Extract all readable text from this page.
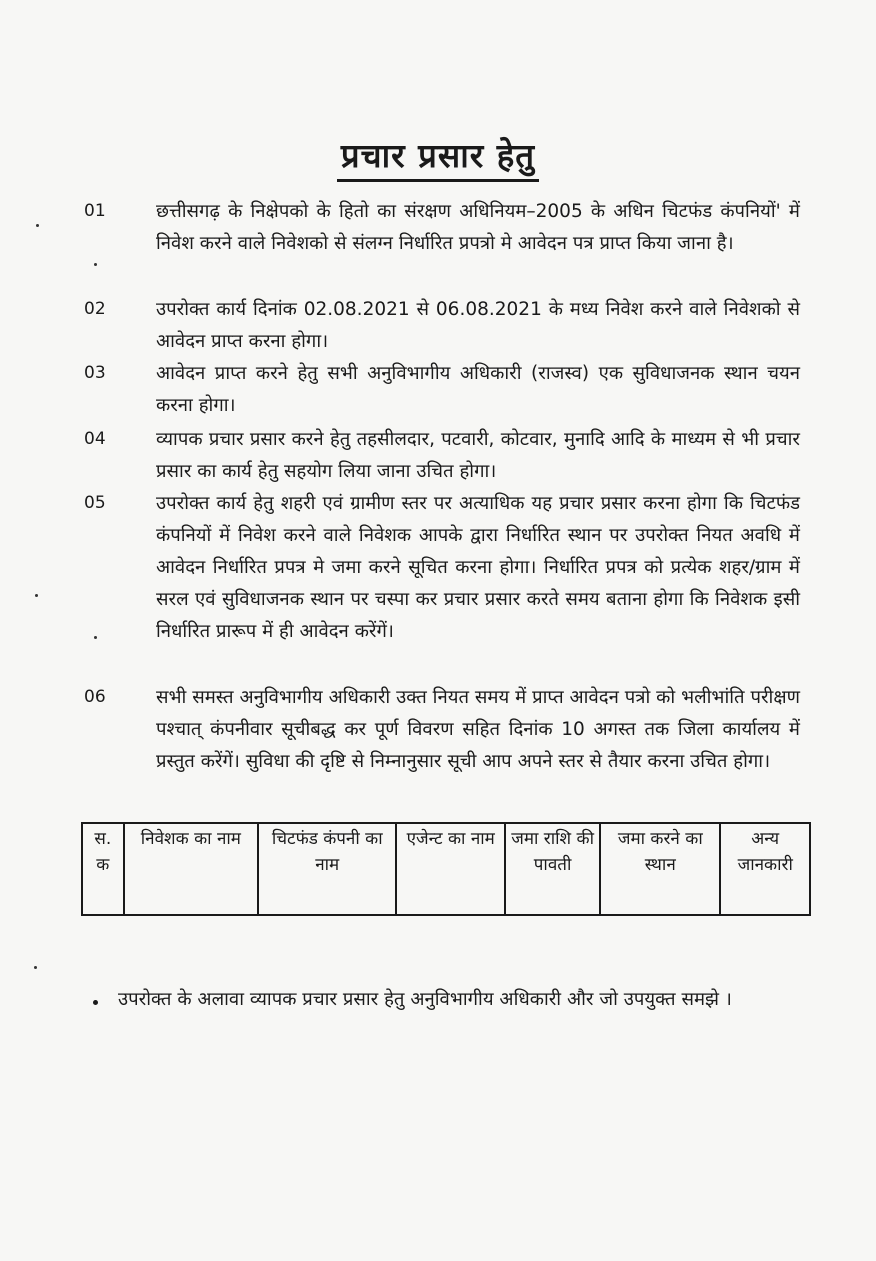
प्रचार प्रसार हेतु
01	छत्तीसगढ़ के निक्षेपको के हितो का संरक्षण अधिनियम–2005 के अधिन चिटफंड कंपनियों' में निवेश करने वाले निवेशको से संलग्न निर्धारित प्रपत्रो मे आवेदन पत्र प्राप्त किया जाना है।
02	उपरोक्त कार्य दिनांक 02.08.2021 से 06.08.2021 के मध्य निवेश करने वाले निवेशको से आवेदन प्राप्त करना होगा।
03	आवेदन प्राप्त करने हेतु सभी अनुविभागीय अधिकारी (राजस्व) एक सुविधाजनक स्थान चयन करना होगा।
04	व्यापक प्रचार प्रसार करने हेतु तहसीलदार, पटवारी, कोटवार, मुनादि आदि के माध्यम से भी प्रचार प्रसार का कार्य हेतु सहयोग लिया जाना उचित होगा।
05	उपरोक्त कार्य हेतु शहरी एवं ग्रामीण स्तर पर अत्याधिक यह प्रचार प्रसार करना होगा कि चिटफंड कंपनियों में निवेश करने वाले निवेशक आपके द्वारा निर्धारित स्थान पर उपरोक्त नियत अवधि में आवेदन निर्धारित प्रपत्र मे जमा करने सूचित करना होगा। निर्धारित प्रपत्र को प्रत्येक शहर/ग्राम में सरल एवं सुविधाजनक स्थान पर चस्पा कर प्रचार प्रसार करते समय बताना होगा कि निवेशक इसी निर्धारित प्रारूप में ही आवेदन करेंगें।
06	सभी समस्त अनुविभागीय अधिकारी उक्त नियत समय में प्राप्त आवेदन पत्रो को भलीभांति परीक्षण पश्चात् कंपनीवार सूचीबद्ध कर पूर्ण विवरण सहित दिनांक 10 अगस्त तक जिला कार्यालय में प्रस्तुत करेंगें। सुविधा की दृष्टि से निम्नानुसार सूची आप अपने स्तर से तैयार करना उचित होगा।
स. क	निवेशक का नाम	चिटफंड कंपनी का नाम	एजेन्ट का नाम	जमा राशि की पावती	जमा करने का स्थान	अन्य जानकारी
उपरोक्त के अलावा व्यापक प्रचार प्रसार हेतु अनुविभागीय अधिकारी और जो उपयुक्त समझे ।
